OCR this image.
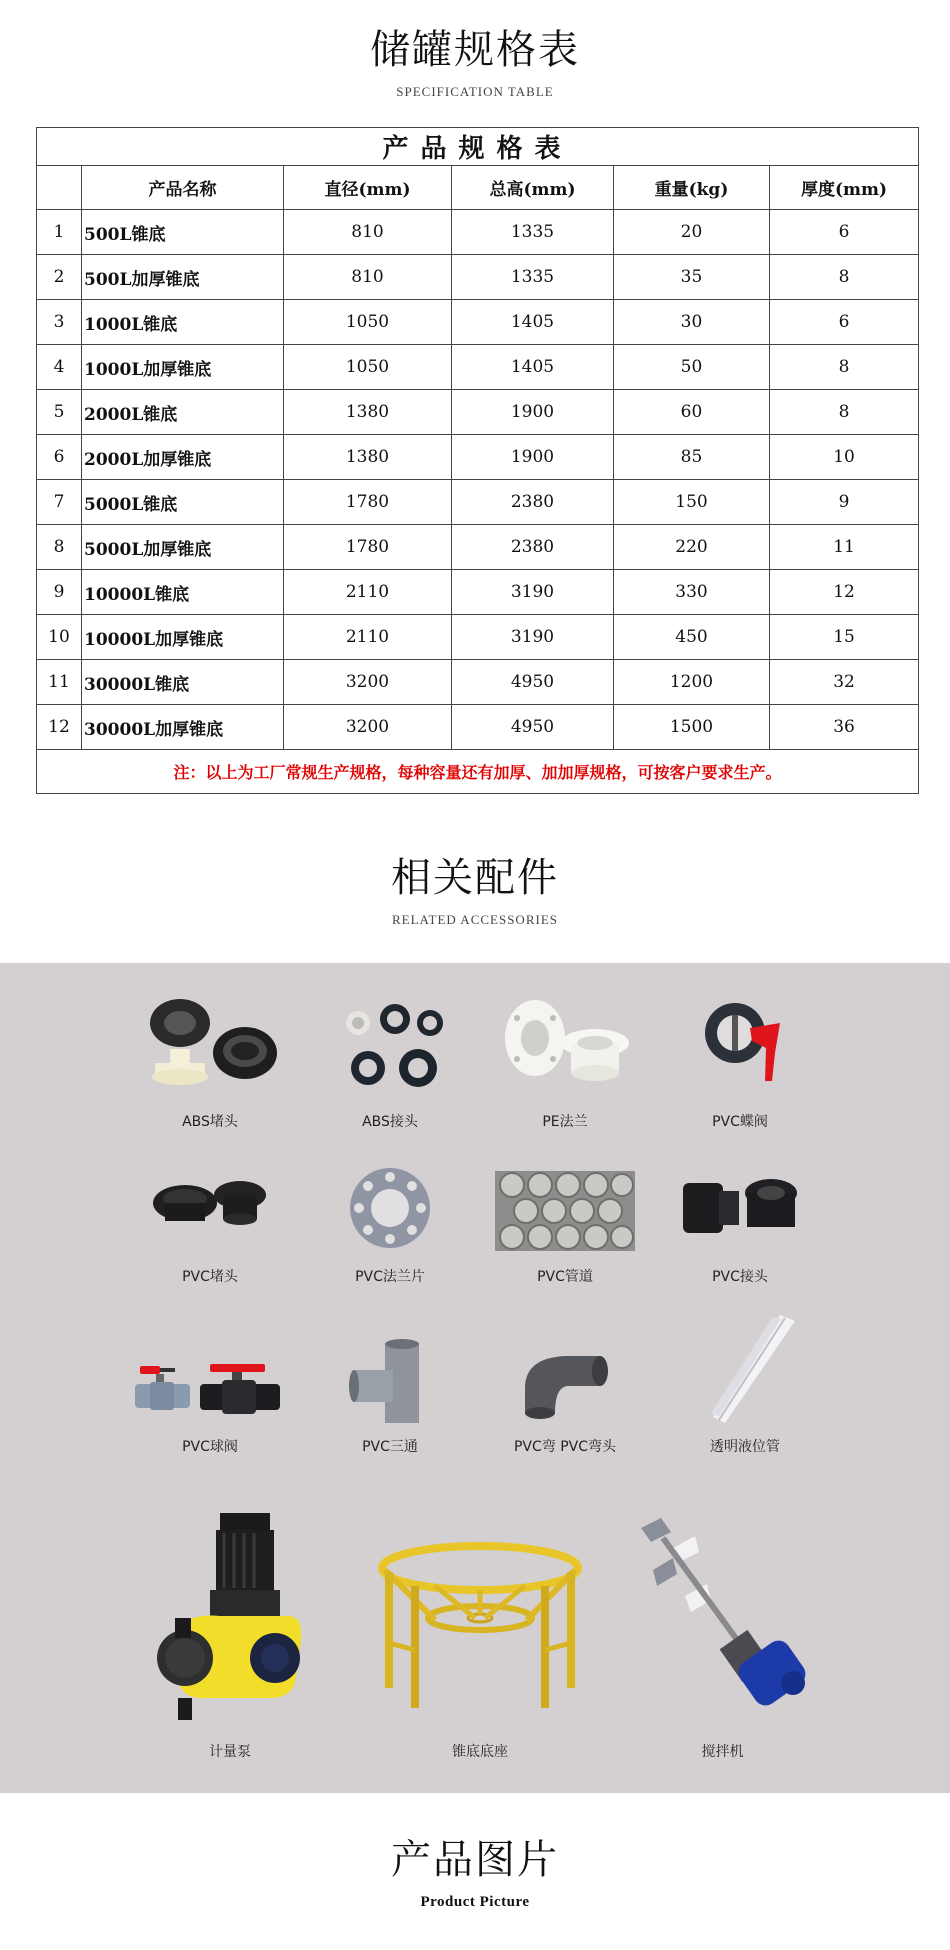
储罐规格表
SPECIFICATION TABLE
产品规格表					
	产品名称	直径(mm)	总高(mm)	重量(kg)	厚度(mm)
1	500L锥底	810	1335	20	6
2	500L加厚锥底	810	1335	35	8
3	1000L锥底	1050	1405	30	6
4	1000L加厚锥底	1050	1405	50	8
5	2000L锥底	1380	1900	60	8
6	2000L加厚锥底	1380	1900	85	10
7	5000L锥底	1780	2380	150	9
8	5000L加厚锥底	1780	2380	220	11
9	10000L锥底	2110	3190	330	12
10	10000L加厚锥底	2110	3190	450	15
11	30000L锥底	3200	4950	1200	32
12	30000L加厚锥底	3200	4950	1500	36
注：以上为工厂常规生产规格，每种容量还有加厚、加加厚规格，可按客户要求生产。					
相关配件
RELATED ACCESSORIES
ABS堵头	ABS接头	PE法兰	PVC蝶阀
PVC堵头	PVC法兰片	PVC管道	PVC接头
PVC球阀	PVC三通	PVC弯 PVC弯头	透明液位管
计量泵	锥底底座	搅拌机
产品图片
Product Picture
